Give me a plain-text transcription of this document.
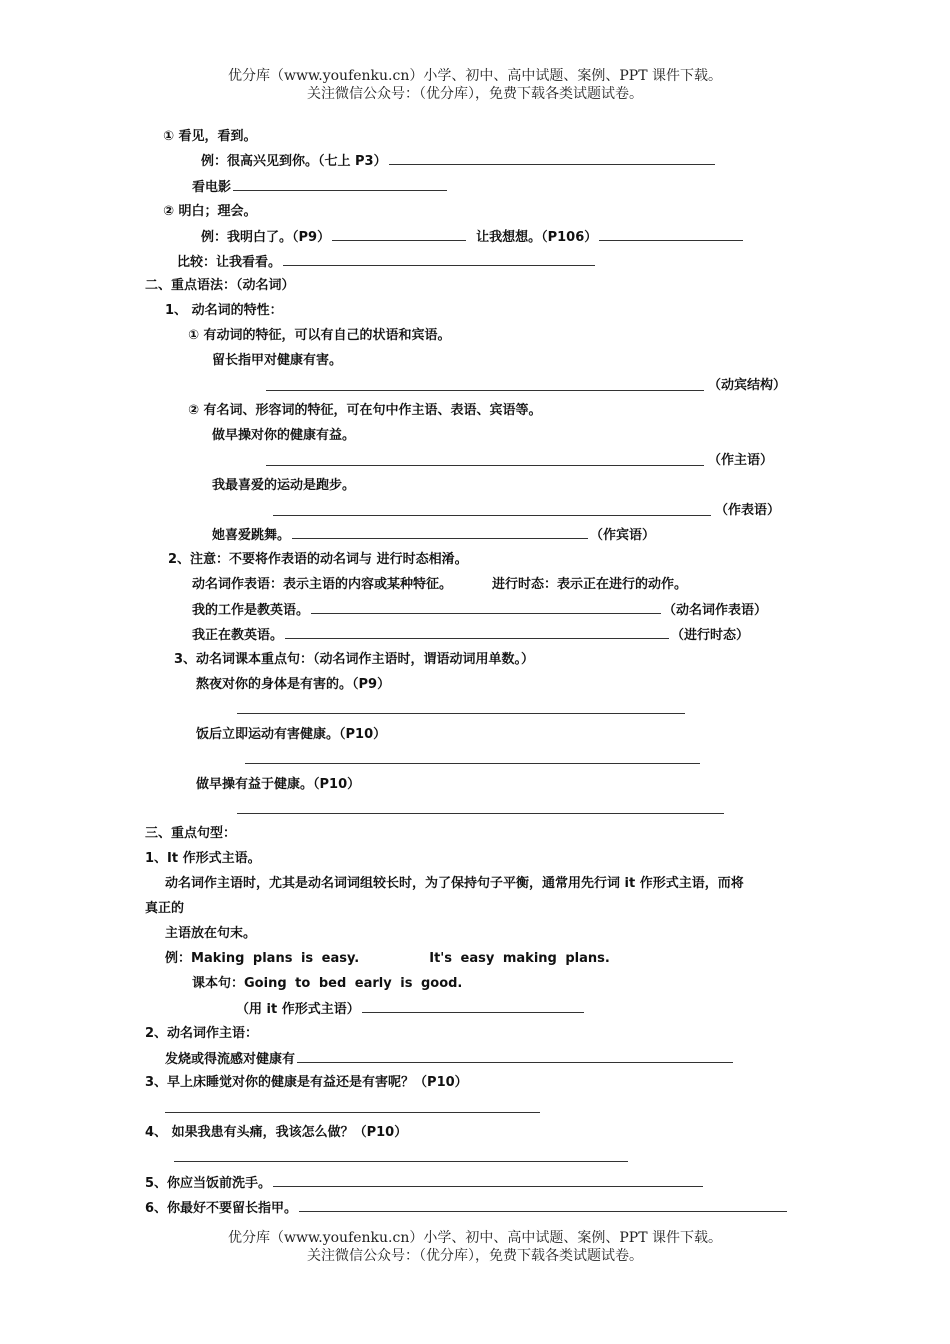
优分库（www.youfenku.cn）小学、初中、高中试题、案例、PPT 课件下载。
关注微信公众号：（优分库），免费下载各类试题试卷。
① 看见，看到。
例：很高兴见到你。（七上 P3）
看电影
② 明白；理会。
例：我明白了。（P9）	让我想想。（P106）
比较：让我看看。
二、重点语法：（动名词）
1、 动名词的特性：
① 有动词的特征，可以有自己的状语和宾语。
留长指甲对健康有害。
（动宾结构）
② 有名词、形容词的特征，可在句中作主语、表语、宾语等。
做早操对你的健康有益。
（作主语）
我最喜爱的运动是跑步。
（作表语）
她喜爱跳舞。	（作宾语）
2、注意：不要将作表语的动名词与 进行时态相淆。
动名词作表语：表示主语的内容或某种特征。	进行时态：表示正在进行的动作。
我的工作是教英语。	（动名词作表语）
我正在教英语。	（进行时态）
3、动名词课本重点句：（动名词作主语时，谓语动词用单数。）
熬夜对你的身体是有害的。（P9）
饭后立即运动有害健康。（P10）
做早操有益于健康。（P10）
三、重点句型：
1、It 作形式主语。
动名词作主语时，尤其是动名词词组较长时，为了保持句子平衡，通常用先行词 it 作形式主语，而将
真正的
主语放在句末。
例：Making plans is easy.	It's easy making plans.
课本句：Going to bed early is good.
（用 it 作形式主语）
2、动名词作主语：
发烧或得流感对健康有
3、早上床睡觉对你的健康是有益还是有害呢？（P10）
4、 如果我患有头痛，我该怎么做？（P10）
5、你应当饭前洗手。
6、你最好不要留长指甲。
优分库（www.youfenku.cn）小学、初中、高中试题、案例、PPT 课件下载。
关注微信公众号：（优分库），免费下载各类试题试卷。
